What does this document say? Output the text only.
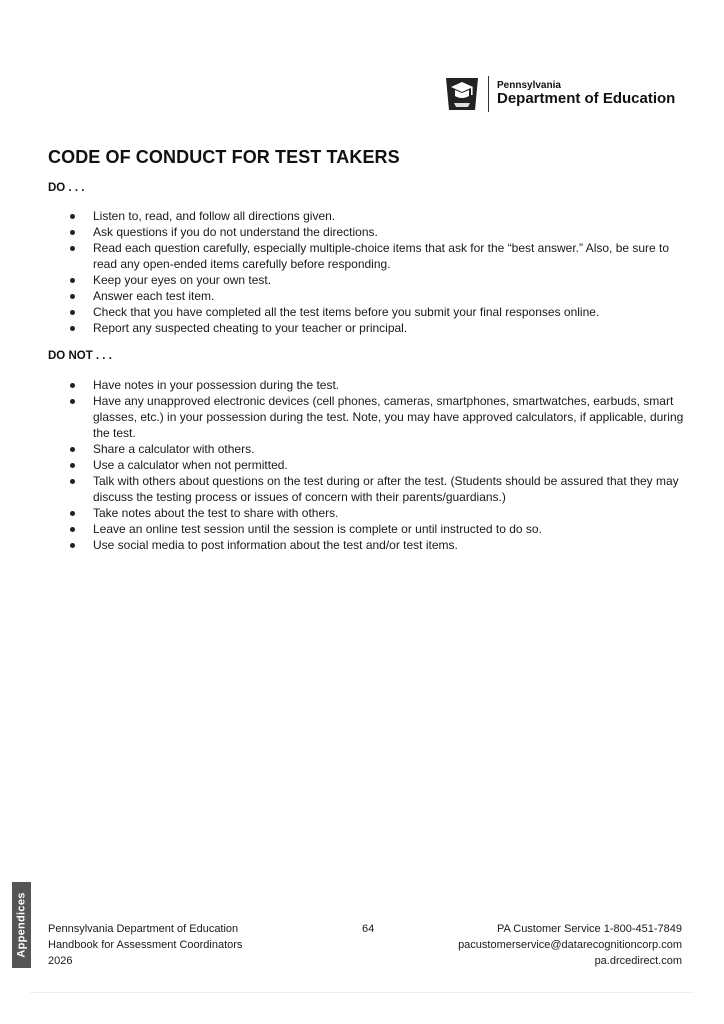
Pennsylvania
Department of Education
CODE OF CONDUCT FOR TEST TAKERS
DO . . .
Listen to, read, and follow all directions given.
Ask questions if you do not understand the directions.
Read each question carefully, especially multiple-choice items that ask for the “best answer.” Also, be sure to read any open-ended items carefully before responding.
Keep your eyes on your own test.
Answer each test item.
Check that you have completed all the test items before you submit your final responses online.
Report any suspected cheating to your teacher or principal.
DO NOT . . .
Have notes in your possession during the test.
Have any unapproved electronic devices (cell phones, cameras, smartphones, smartwatches, earbuds, smart glasses, etc.) in your possession during the test. Note, you may have approved calculators, if applicable, during the test.
Share a calculator with others.
Use a calculator when not permitted.
Talk with others about questions on the test during or after the test. (Students should be assured that they may discuss the testing process or issues of concern with their parents/guardians.)
Take notes about the test to share with others.
Leave an online test session until the session is complete or until instructed to do so.
Use social media to post information about the test and/or test items.
Appendices Pennsylvania Department of Education
Handbook for Assessment Coordinators
2026
64	PA Customer Service 1-800-451-7849
pacustomerservice@datarecognitioncorp.com
pa.drcedirect.com
